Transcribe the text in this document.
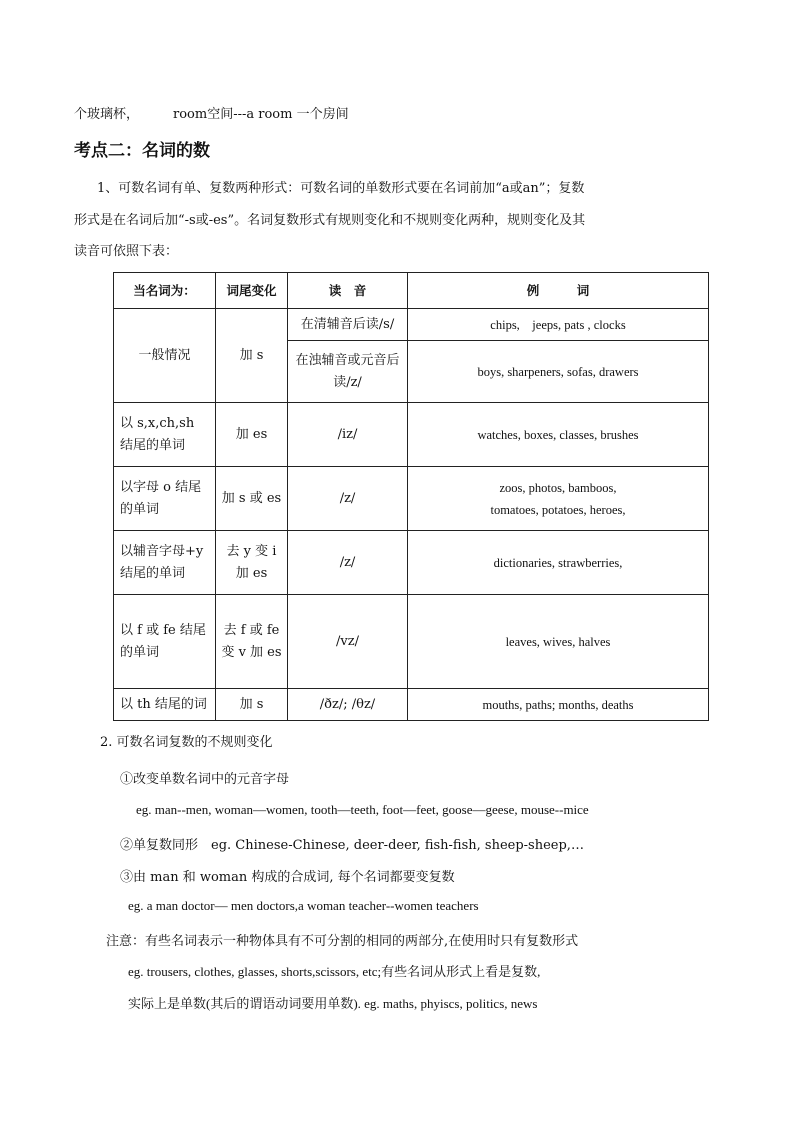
个玻璃杯，	room空间---a room 一个房间
考点二：名词的数
1、可数名词有单、复数两种形式：可数名词的单数形式要在名词前加“a或an”；复数
形式是在名词后加“-s或-es”。名词复数形式有规则变化和不规则变化两种，规则变化及其
读音可依照下表：
当名词为：	词尾变化	读　音	例　　　词
一般情况	加 s	在清辅音后读/s/	chips,　jeeps, pats , clocks
		在浊辅音或元音后读/z/	boys, sharpeners, sofas, drawers
以 s,x,ch,sh 结尾的单词	加 es	/iz/	watches, boxes, classes, brushes
以字母 o 结尾的单词	加 s 或 es	/z/	zoos, photos, bamboos,
tomatoes, potatoes, heroes,

以辅音字母+y结尾的单词	去 y 变 i 加 es	/z/	dictionaries, strawberries,
以 f 或 fe 结尾的单词	去 f 或 fe 变 v 加 es	/vz/	leaves, wives, halves
以 th 结尾的词	加 s	/ðz/; /θz/	mouths, paths; months, deaths
2. 可数名词复数的不规则变化
①改变单数名词中的元音字母
eg. man--men, woman—women, tooth—teeth, foot—feet, goose—geese, mouse--mice
②单复数同形　eg. Chinese-Chinese, deer-deer, fish-fish, sheep-sheep,…
③由 man 和 woman 构成的合成词, 每个名词都要变复数
eg. a man doctor— men doctors,a woman teacher--women teachers
注意：有些名词表示一种物体具有不可分割的相同的两部分,在使用时只有复数形式
eg. trousers, clothes, glasses, shorts,scissors, etc;有些名词从形式上看是复数,
实际上是单数(其后的谓语动词要用单数). eg. maths, phyiscs, politics, news
